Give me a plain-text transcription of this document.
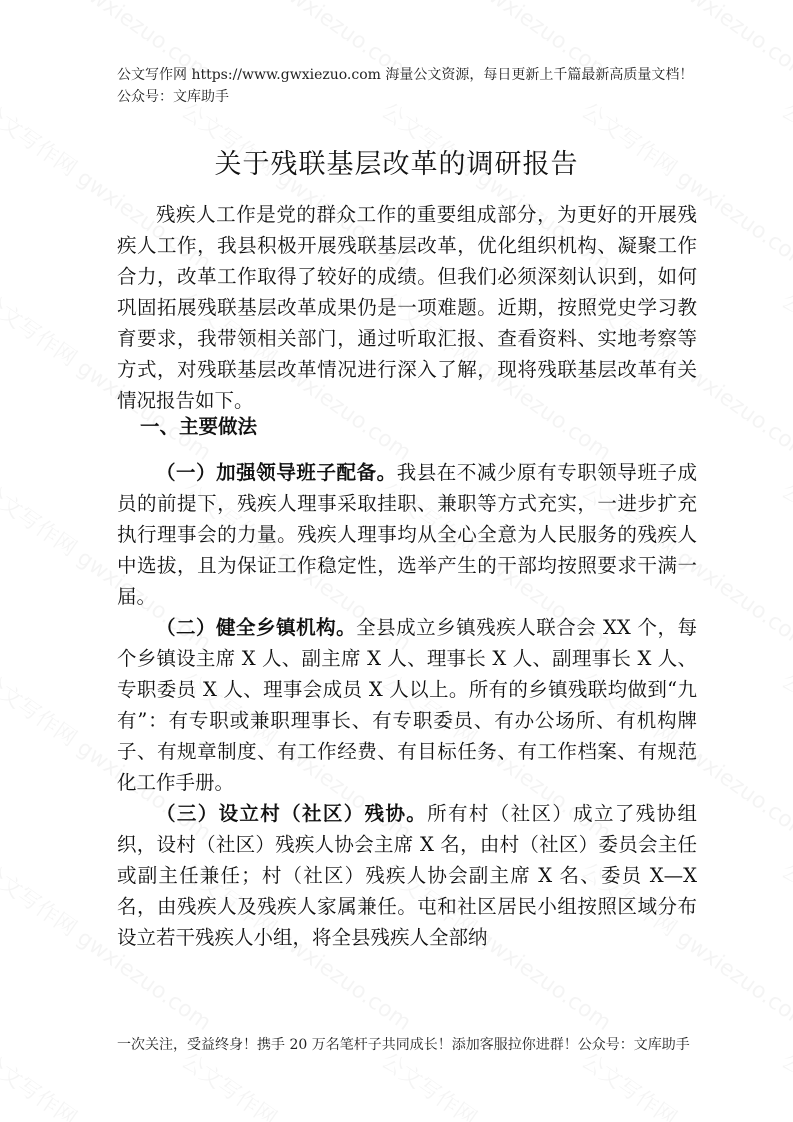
公文写作网 https://www.gwxiezuo.com 海量公文资源，每日更新上千篇最新高质量文档！ 公众号：文库助手
关于残联基层改革的调研报告
残疾人工作是党的群众工作的重要组成部分，为更好的开展残疾人工作，我县积极开展残联基层改革，优化组织机构、凝聚工作合力，改革工作取得了较好的成绩。但我们必须深刻认识到，如何巩固拓展残联基层改革成果仍是一项难题。近期，按照党史学习教育要求，我带领相关部门，通过听取汇报、查看资料、实地考察等方式，对残联基层改革情况进行深入了解，现将残联基层改革有关情况报告如下。
一、主要做法
（一）加强领导班子配备。我县在不减少原有专职领导班子成员的前提下，残疾人理事采取挂职、兼职等方式充实，一进步扩充执行理事会的力量。残疾人理事均从全心全意为人民服务的残疾人中选拔，且为保证工作稳定性，选举产生的干部均按照要求干满一届。
（二）健全乡镇机构。全县成立乡镇残疾人联合会 XX 个，每个乡镇设主席 X 人、副主席 X 人、理事长 X 人、副理事长 X 人、专职委员 X 人、理事会成员 X 人以上。所有的乡镇残联均做到“九有”：有专职或兼职理事长、有专职委员、有办公场所、有机构牌子、有规章制度、有工作经费、有目标任务、有工作档案、有规范化工作手册。
（三）设立村（社区）残协。所有村（社区）成立了残协组织，设村（社区）残疾人协会主席 X 名，由村（社区）委员会主任或副主任兼任；村（社区）残疾人协会副主席 X 名、委员 X—X 名，由残疾人及残疾人家属兼任。屯和社区居民小组按照区域分布设立若干残疾人小组，将全县残疾人全部纳
一次关注，受益终身！携手 20 万名笔杆子共同成长！添加客服拉你进群！公众号：文库助手
